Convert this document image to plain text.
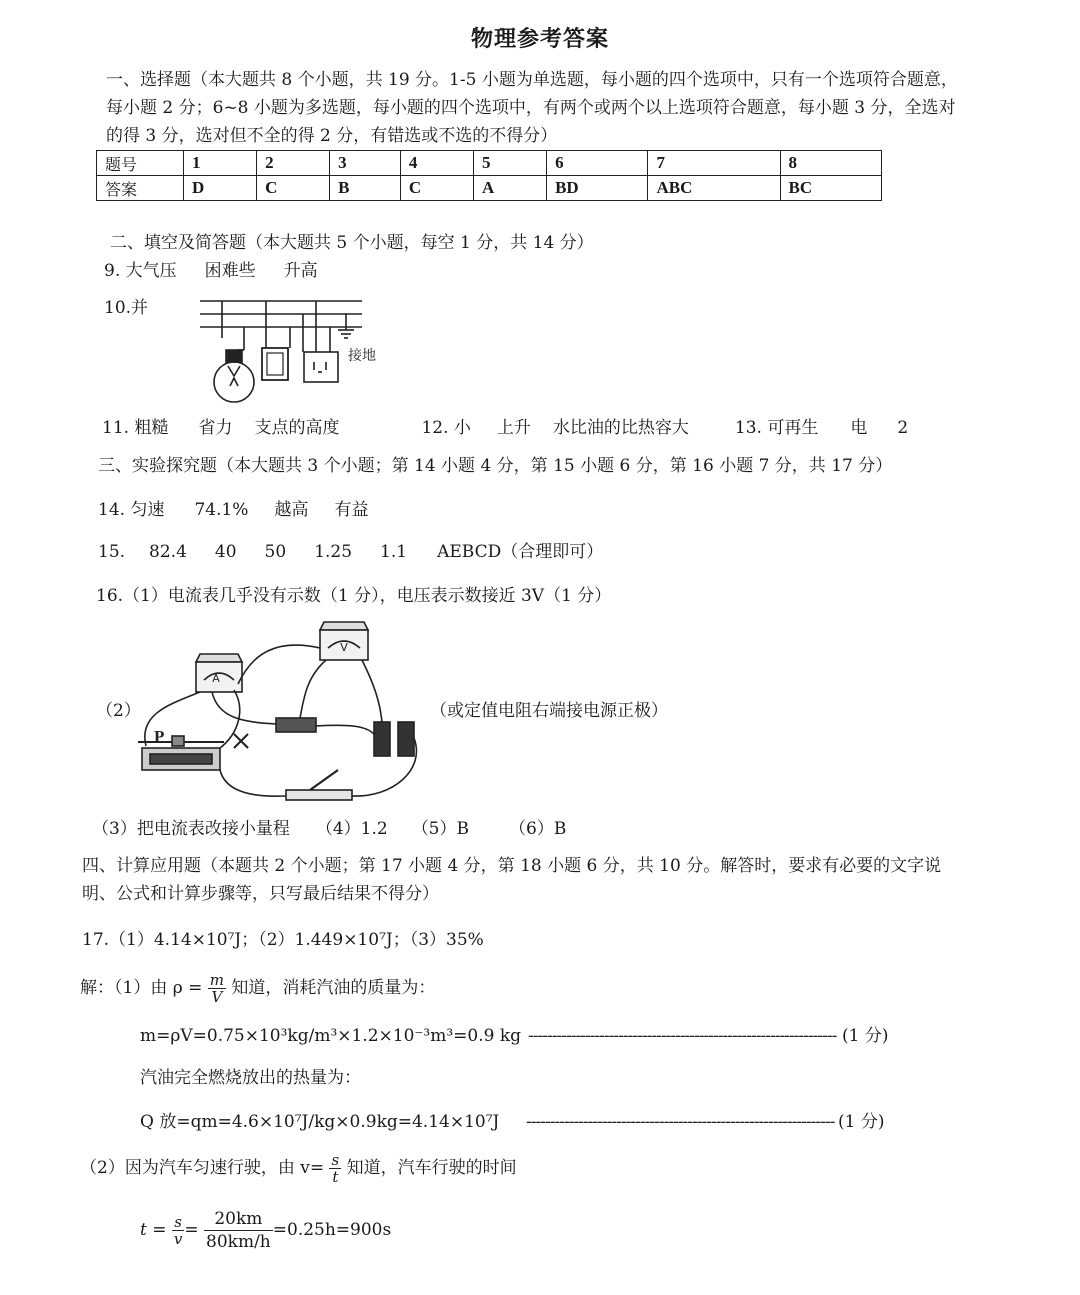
物理参考答案
一、选择题（本大题共 8 个小题，共 19 分。1-5 小题为单选题，每小题的四个选项中，只有一个选项符合题意，每小题 2 分；6~8 小题为多选题，每小题的四个选项中，有两个或两个以上选项符合题意，每小题 3 分，全选对的得 3 分，选对但不全的得 2 分，有错选或不选的不得分）
题号	1	2	3	4	5	6	7	8
答案	D	C	B	C	A	BD	ABC	BC
二、填空及简答题（本大题共 5 个小题，每空 1 分，共 14 分）
9. 大气压 困难些 升高
10.并
接地
11. 粗糙 省力 支点的高度	12. 小 上升 水比油的比热容大	13. 可再生 电 2
三、实验探究题（本大题共 3 个小题；第 14 小题 4 分，第 15 小题 6 分，第 16 小题 7 分，共 17 分）
14. 匀速 74.1% 越高 有益
15. 82.4 40 50 1.25 1.1 AEBCD（合理即可）
16.（1）电流表几乎没有示数（1 分），电压表示数接近 3V（1 分）
（2）	（或定值电阻右端接电源正极）
A
V
P
（3）把电流表改接小量程 （4）1.2 （5）B （6）B
四、计算应用题（本题共 2 个小题；第 17 小题 4 分，第 18 小题 6 分，共 10 分。解答时，要求有必要的文字说明、公式和计算步骤等，只写最后结果不得分）
17.（1）4.14×10⁷J；（2）1.449×10⁷J；（3）35%
解：（1）由 $\rho = \frac{m}{V}$ 知道，消耗汽油的质量为：
m=ρV=0.75×10³kg/m³×1.2×10⁻³m³=0.9 kg ----------------------------------------------------------------- (1 分)
汽油完全燃烧放出的热量为：
Q 放=qm=4.6×10⁷J/kg×0.9kg=4.14×10⁷J ----------------------------------------------------------------- (1 分)
（2）因为汽车匀速行驶，由 $v= \frac{s}{t}$ 知道，汽车行驶的时间
$t = \frac{s}{v} = \frac{20km}{80km/h} =0.25h=900s$
